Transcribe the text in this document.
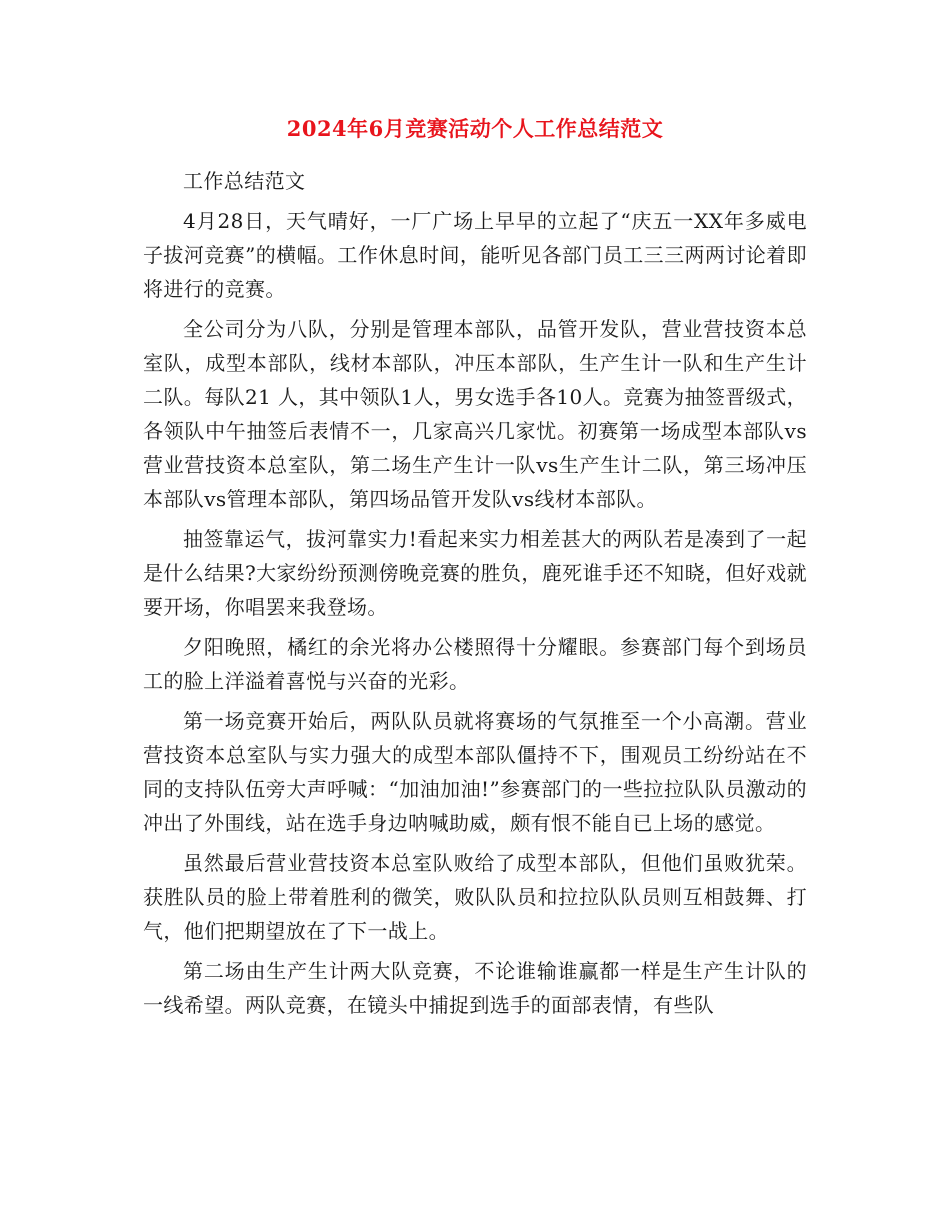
2024年6月竞赛活动个人工作总结范文

工作总结范文

4月28日，天气晴好，一厂广场上早早的立起了“庆五一XX年多威电子拔河竞赛”的横幅。工作休息时间，能听见各部门员工三三两两讨论着即将进行的竞赛。

全公司分为八队，分别是管理本部队，品管开发队，营业营技资本总室队，成型本部队，线材本部队，冲压本部队，生产生计一队和生产生计二队。每队21 人，其中领队1人，男女选手各10人。竞赛为抽签晋级式，各领队中午抽签后表情不一，几家高兴几家忧。初赛第一场成型本部队vs营业营技资本总室队，第二场生产生计一队vs生产生计二队，第三场冲压本部队vs管理本部队，第四场品管开发队vs线材本部队。

抽签靠运气，拔河靠实力!看起来实力相差甚大的两队若是凑到了一起是什么结果?大家纷纷预测傍晚竞赛的胜负，鹿死谁手还不知晓，但好戏就要开场，你唱罢来我登场。

夕阳晚照，橘红的余光将办公楼照得十分耀眼。参赛部门每个到场员工的脸上洋溢着喜悦与兴奋的光彩。

第一场竞赛开始后，两队队员就将赛场的气氛推至一个小高潮。营业营技资本总室队与实力强大的成型本部队僵持不下，围观员工纷纷站在不同的支持队伍旁大声呼喊：“加油加油!”参赛部门的一些拉拉队队员激动的冲出了外围线，站在选手身边呐喊助威，颇有恨不能自已上场的感觉。

虽然最后营业营技资本总室队败给了成型本部队，但他们虽败犹荣。获胜队员的脸上带着胜利的微笑，败队队员和拉拉队队员则互相鼓舞、打气，他们把期望放在了下一战上。

第二场由生产生计两大队竞赛，不论谁输谁赢都一样是生产生计队的一线希望。两队竞赛，在镜头中捕捉到选手的面部表情，有些队
